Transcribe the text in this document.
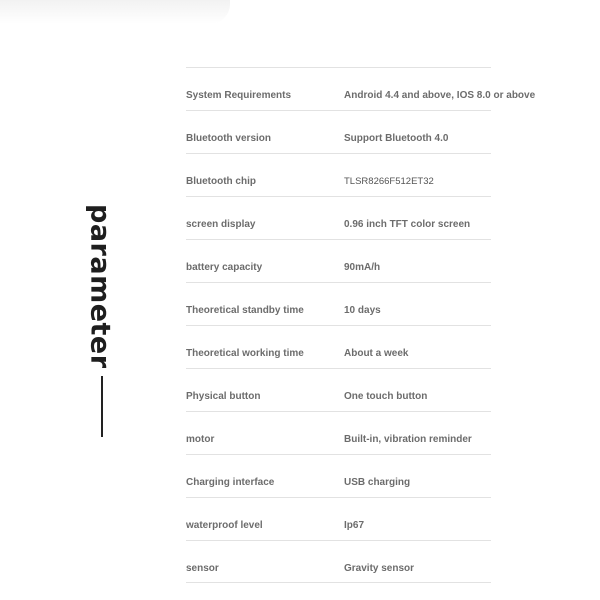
parameter
System Requirements	Android 4.4 and above, IOS 8.0 or above
Bluetooth version	Support Bluetooth 4.0
Bluetooth chip	TLSR8266F512ET32
screen display	0.96 inch TFT color screen
battery capacity	90mA/h
Theoretical standby time	10 days
Theoretical working time	About a week
Physical button	One touch button
motor	Built-in, vibration reminder
Charging interface	USB charging
waterproof level	Ip67
sensor	Gravity sensor
